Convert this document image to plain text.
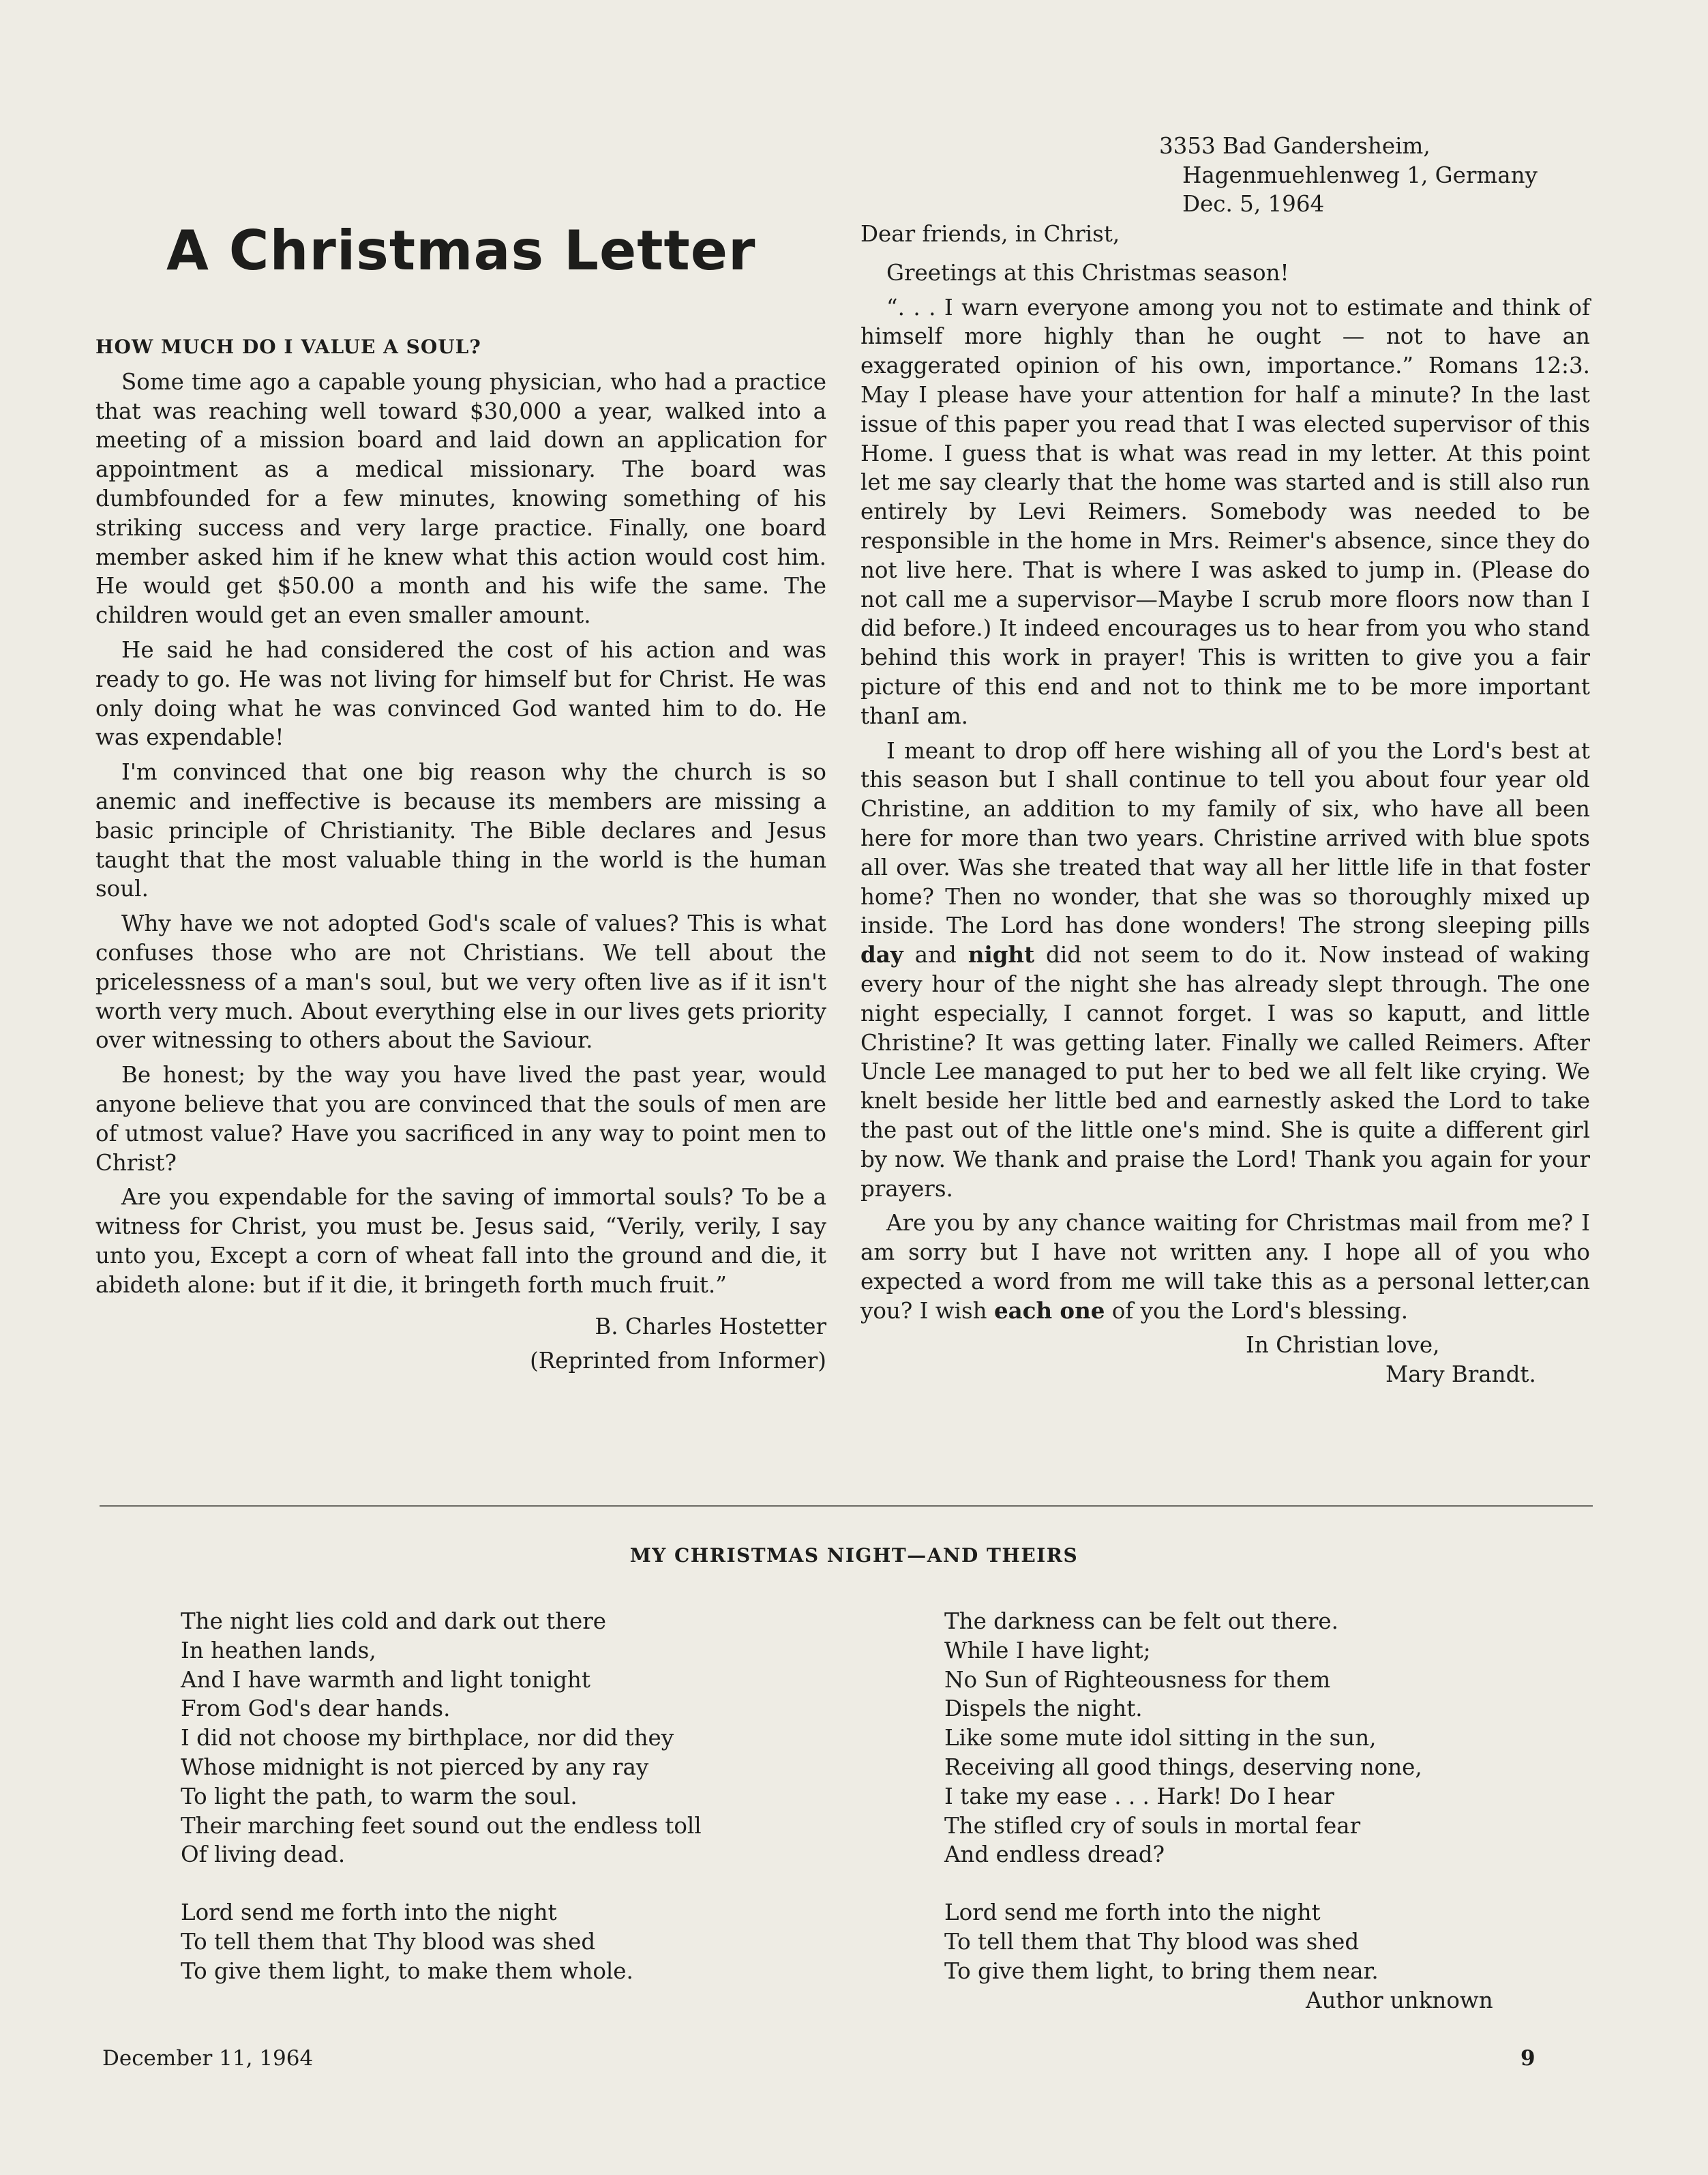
A Christmas Letter

HOW MUCH DO I VALUE A SOUL?

Some time ago a capable young physician, who had a practice that was reaching well toward $30,000 a year, walked into a meeting of a mission board and laid down an application for appointment as a medical missionary. The board was dumbfounded for a few minutes, knowing something of his striking success and very large practice. Finally, one board member asked him if he knew what this action would cost him. He would get $50.00 a month and his wife the same. The children would get an even smaller amount.

He said he had considered the cost of his action and was ready to go. He was not living for himself but for Christ. He was only doing what he was convinced God wanted him to do. He was expendable!

I'm convinced that one big reason why the church is so anemic and ineffective is because its members are missing a basic principle of Christianity. The Bible declares and Jesus taught that the most valuable thing in the world is the human soul.

Why have we not adopted God's scale of values? This is what confuses those who are not Christians. We tell about the pricelessness of a man's soul, but we very often live as if it isn't worth very much. About everything else in our lives gets priority over witnessing to others about the Saviour.

Be honest; by the way you have lived the past year, would anyone believe that you are convinced that the souls of men are of utmost value? Have you sacrificed in any way to point men to Christ?

Are you expendable for the saving of immortal souls? To be a witness for Christ, you must be. Jesus said, “Verily, verily, I say unto you, Except a corn of wheat fall into the ground and die, it abideth alone: but if it die, it bringeth forth much fruit.”

B. Charles Hostetter

(Reprinted from Informer)

3353 Bad Gandersheim,
Hagenmuehlenweg 1, Germany
Dec. 5, 1964

Dear friends, in Christ,

Greetings at this Christmas season!

“. . . I warn everyone among you not to estimate and think of himself more highly than he ought — not to have an exaggerated opinion of his own, importance.” Romans 12:3. May I please have your attention for half a minute? In the last issue of this paper you read that I was elected supervisor of this Home. I guess that is what was read in my letter. At this point let me say clearly that the home was started and is still also run entirely by Levi Reimers. Somebody was needed to be responsible in the home in Mrs. Reimer's absence, since they do not live here. That is where I was asked to jump in. (Please do not call me a supervisor—Maybe I scrub more floors now than I did before.) It indeed encourages us to hear from you who stand behind this work in prayer! This is written to give you a fair picture of this end and not to think me to be more important thanI am.

I meant to drop off here wishing all of you the Lord's best at this season but I shall continue to tell you about four year old Christine, an addition to my family of six, who have all been here for more than two years. Christine arrived with blue spots all over. Was she treated that way all her little life in that foster home? Then no wonder, that she was so thoroughly mixed up inside. The Lord has done wonders! The strong sleeping pills day and night did not seem to do it. Now instead of waking every hour of the night she has already slept through. The one night especially, I cannot forget. I was so kaputt, and little Christine? It was getting later. Finally we called Reimers. After Uncle Lee managed to put her to bed we all felt like crying. We knelt beside her little bed and earnestly asked the Lord to take the past out of the little one's mind. She is quite a different girl by now. We thank and praise the Lord! Thank you again for your prayers.

Are you by any chance waiting for Christmas mail from me? I am sorry but I have not written any. I hope all of you who expected a word from me will take this as a personal letter,can you? I wish each one of you the Lord's blessing.

In Christian love,
Mary Brandt.

MY CHRISTMAS NIGHT—AND THEIRS
The night lies cold and dark out there
In heathen lands,
And I have warmth and light tonight
From God's dear hands.
I did not choose my birthplace, nor did they
Whose midnight is not pierced by any ray
To light the path, to warm the soul.
Their marching feet sound out the endless toll
Of living dead.
Lord send me forth into the night
To tell them that Thy blood was shed
To give them light, to make them whole.
The darkness can be felt out there.
While I have light;
No Sun of Righteousness for them
Dispels the night.
Like some mute idol sitting in the sun,
Receiving all good things, deserving none,
I take my ease . . . Hark! Do I hear
The stifled cry of souls in mortal fear
And endless dread?
Lord send me forth into the night
To tell them that Thy blood was shed
To give them light, to bring them near.
Author unknown
December 11, 1964	9
